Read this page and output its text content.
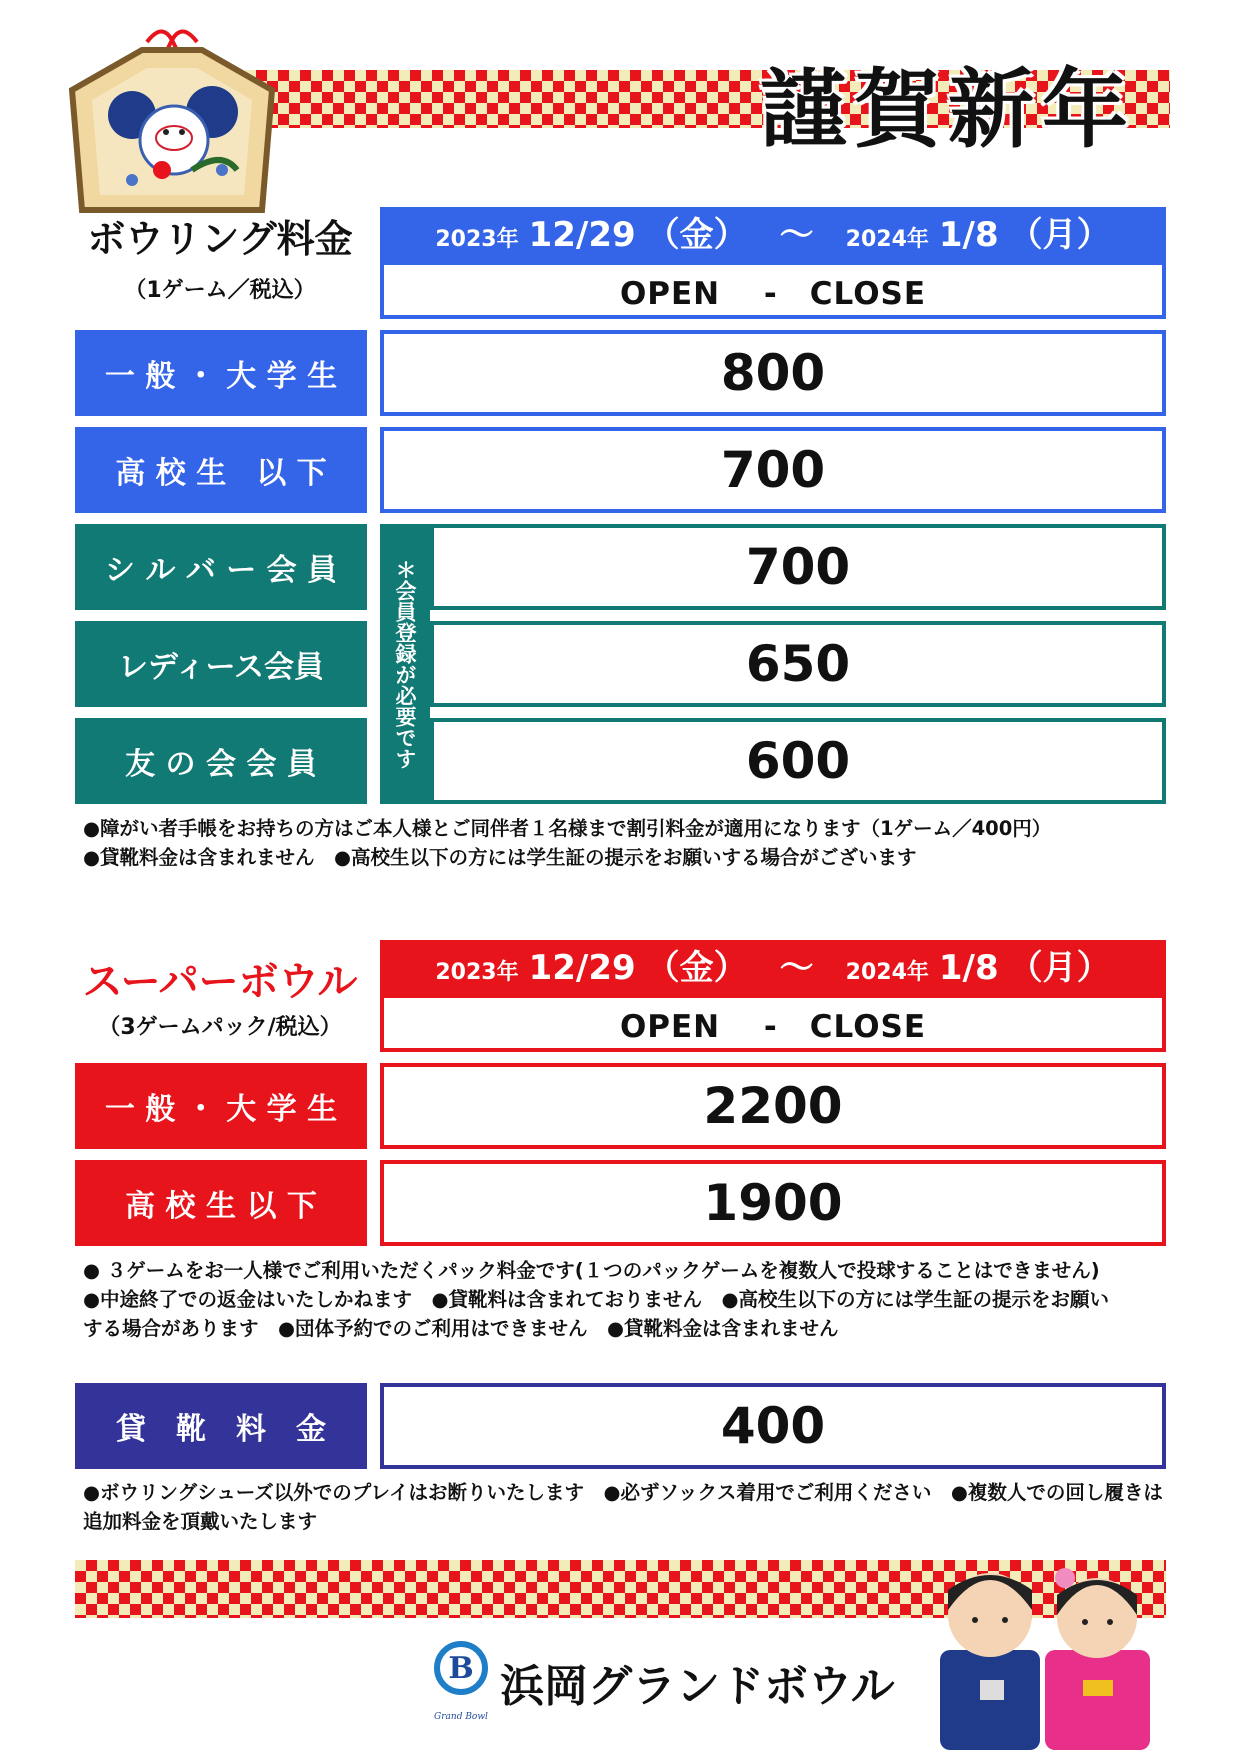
謹賀新年
ボウリング料金
（1ゲーム／税込）
2023年 12/29 （金） 〜 2024年 1/8 （月）
OPEN　 -　CLOSE
一 般 ・ 大 学 生	800
高 校 生　以 下	700
シ ル バ ー 会 員	700
レディース会員	650
友 の 会 会 員	600
＊会員登録が必要です
●障がい者手帳をお持ちの方はご本人様とご同伴者１名様まで割引料金が適用になります（1ゲーム／400円）
●貸靴料金は含まれません　●高校生以下の方には学生証の提示をお願いする場合がございます
スーパーボウル
（3ゲームパック/税込）
2023年 12/29 （金） 〜 2024年 1/8 （月）
OPEN　 -　CLOSE
一 般 ・ 大 学 生	2200
高 校 生 以 下	1900
● ３ゲームをお一人様でご利用いただくパック料金です(１つのパックゲームを複数人で投球することはできません)
●中途終了での返金はいたしかねます　●貸靴料は含まれておりません　●高校生以下の方には学生証の提示をお願い
する場合があります　●団体予約でのご利用はできません　●貸靴料金は含まれません
貸　靴　料　金	400
●ボウリングシューズ以外でのプレイはお断りいたします　●必ずソックス着用でご利用ください　●複数人での回し履きは
追加料金を頂戴いたします
B
Grand Bowl
浜岡グランドボウル
